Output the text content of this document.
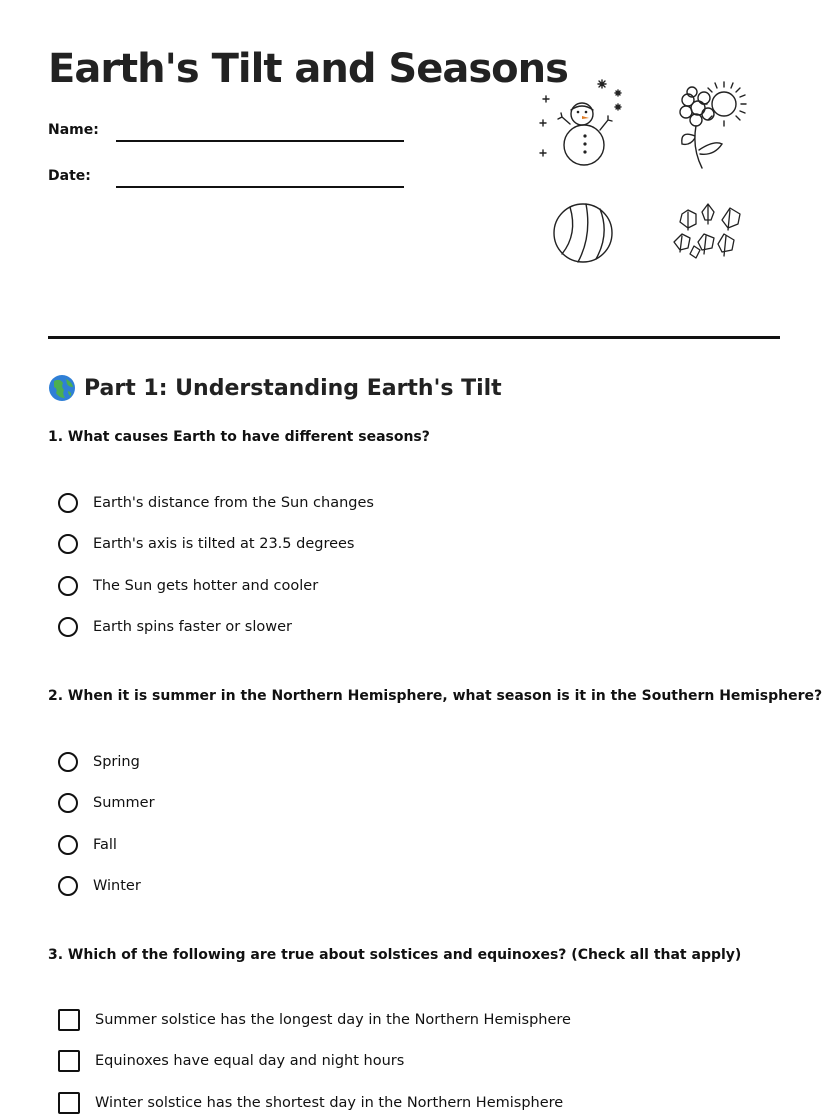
Earth's Tilt and Seasons
Name:
Date:
Part 1: Understanding Earth's Tilt

1. What causes Earth to have different seasons?

Earth's distance from the Sun changes
Earth's axis is tilted at 23.5 degrees
The Sun gets hotter and cooler
Earth spins faster or slower

2. When it is summer in the Northern Hemisphere, what season is it in the Southern Hemisphere?

Spring
Summer
Fall
Winter

3. Which of the following are true about solstices and equinoxes? (Check all that apply)

Summer solstice has the longest day in the Northern Hemisphere
Equinoxes have equal day and night hours
Winter solstice has the shortest day in the Northern Hemisphere
